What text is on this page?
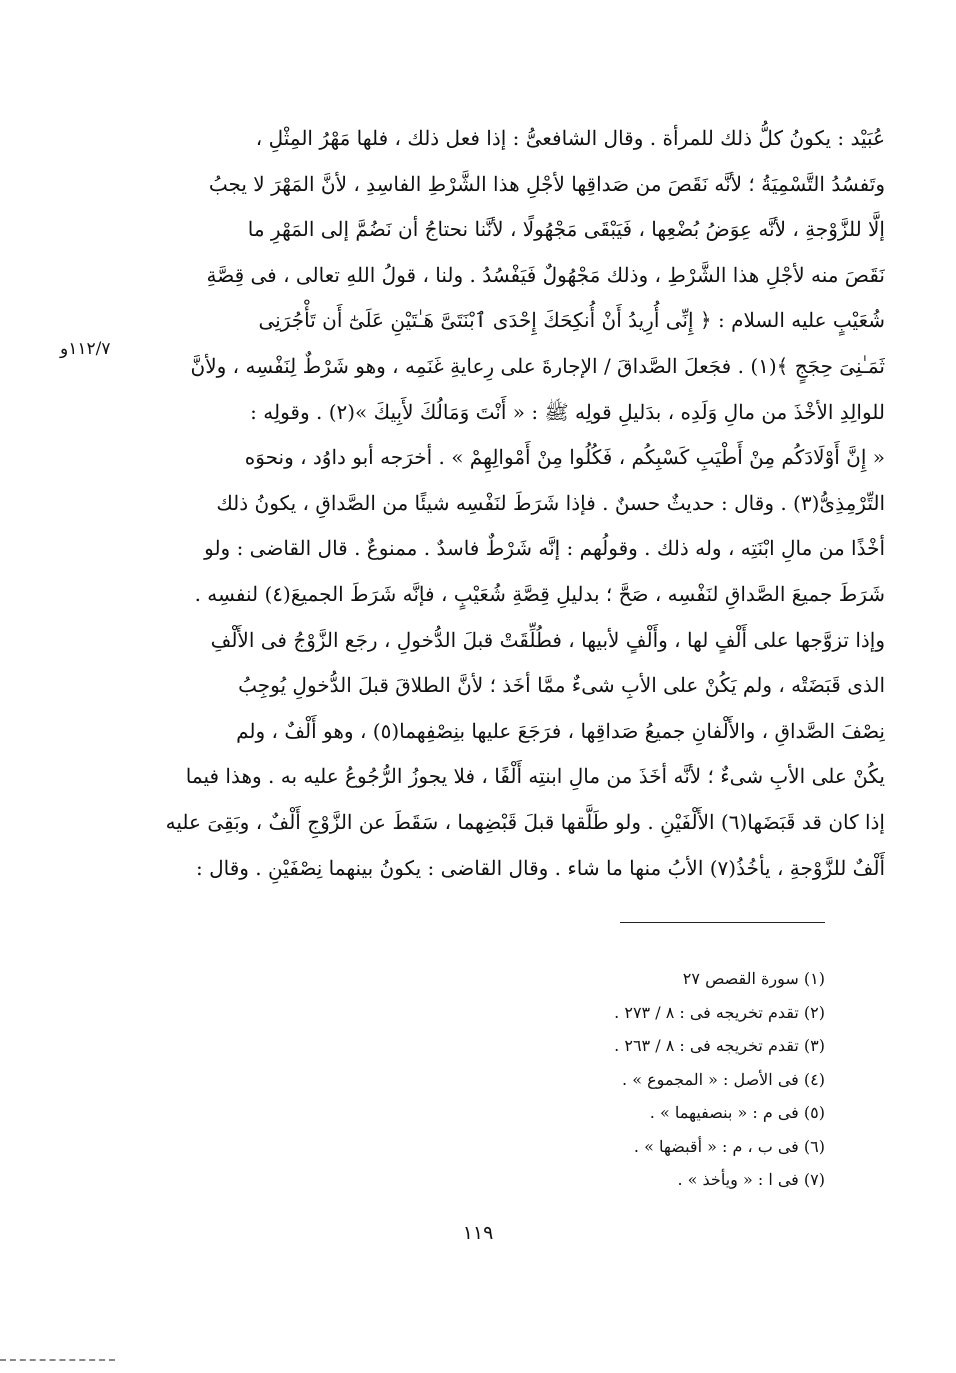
١١٢/٧و
عُبَيْد : يكونُ كلُّ ذلك للمرأة . وقال الشافعىُّ : إذا فعل ذلك ، فلها مَهْرُ المِثْلِ ،
وتَفسُدُ التَّسْمِيَةُ ؛ لأنَّه نَقَصَ من صَداقِها لأجْلِ هذا الشَّرْطِ الفاسِدِ ، لأنَّ المَهْرَ لا يجبُ
إلَّا للزَّوْجةِ ، لأنَّه عِوَضُ بُضْعِها ، فَيَبْقَى مَجْهُولًا ، لأنَّنا نحتاجُ أن نَضُمَّ إلى المَهْرِ ما
نَقَصَ منه لأجْلِ هذا الشَّرْطِ ، وذلك مَجْهُولٌ فَيَفْسُدُ . ولنا ، قولُ اللهِ تعالى ، فى قِصَّةِ
شُعَيْبٍ عليه السلام : ﴿ إِنِّى أُرِيدُ أَنْ أُنكِحَكَ إِحْدَى ٱبْنَتَىَّ هَـٰتَيْنِ عَلَىٰٓ أَن تَأْجُرَنِى
ثَمَـٰنِىَ حِجَجٍ ﴾(١) . فجَعلَ الصَّداقَ / الإجارةَ على رِعايةِ غَنَمِه ، وهو شَرْطٌ لِنَفْسِه ، ولأنَّ
للوالِدِ الأخْذَ من مالِ وَلَدِه ، بدَليلِ قولِه ﷺ : « أَنْتَ وَمَالُكَ لأَبِيكَ »(٢) . وقولِه :
« إِنَّ أَوْلَادَكُم مِنْ أَطْيَبِ كَسْبِكُم ، فَكُلُوا مِنْ أَمْوالِهِمْ » . أخرَجه أبو داوُد ، ونحوَه
التِّرْمِذِىُّ(٣) . وقال : حديثٌ حسنٌ . فإذا شَرَطَ لنَفْسِه شيئًا من الصَّداقِ ، يكونُ ذلك
أخْذًا من مالِ ابْنَتِه ، وله ذلك . وقولُهم : إنَّه شَرْطٌ فاسدٌ . ممنوعٌ . قال القاضى : ولو
شَرَطَ جميعَ الصَّداقِ لنَفْسِه ، صَحَّ ؛ بدليلِ قِصَّةِ شُعَيْبٍ ، فإنَّه شَرَطَ الجميعَ(٤) لنفسِه .
وإذا تزوَّجها على أَلْفٍ لها ، وأَلْفٍ لأبيها ، فطُلِّقَتْ قبلَ الدُّخولِ ، رجَع الزَّوْجُ فى الأَلْفِ
الذى قَبَضَتْه ، ولم يَكُنْ على الأبِ شىءٌ ممَّا أخَذ ؛ لأنَّ الطلاقَ قبلَ الدُّخولِ يُوجِبُ
نِصْفَ الصَّداقِ ، والأَلْفانِ جميعُ صَداقِها ، فرَجَعَ عليها بنِصْفِهما(٥) ، وهو أَلْفٌ ، ولم
يكُنْ على الأبِ شىءٌ ؛ لأنَّه أخَذَ من مالِ ابنتِه أَلْفًا ، فلا يجوزُ الرُّجُوعُ عليه به . وهذا فيما
إذا كان قد قَبَضَها(٦) الأَلْفَيْنِ . ولو طَلَّقها قبلَ قَبْضِهما ، سَقَطَ عن الزَّوْجِ أَلْفٌ ، وبَقِىَ عليه
أَلْفٌ للزَّوْجةِ ، يأخُذُ(٧) الأبُ منها ما شاء . وقال القاضى : يكونُ بينهما نِصْفَيْنِ . وقال :
(١) سورة القصص ٢٧
(٢) تقدم تخريجه فى : ٨ / ٢٧٣ .
(٣) تقدم تخريجه فى : ٨ / ٢٦٣ .
(٤) فى الأصل : « المجموع » .
(٥) فى م : « بنصفيهما » .
(٦) فى ب ، م : « أقبضها » .
(٧) فى ا : « ويأخذ » .
١١٩
